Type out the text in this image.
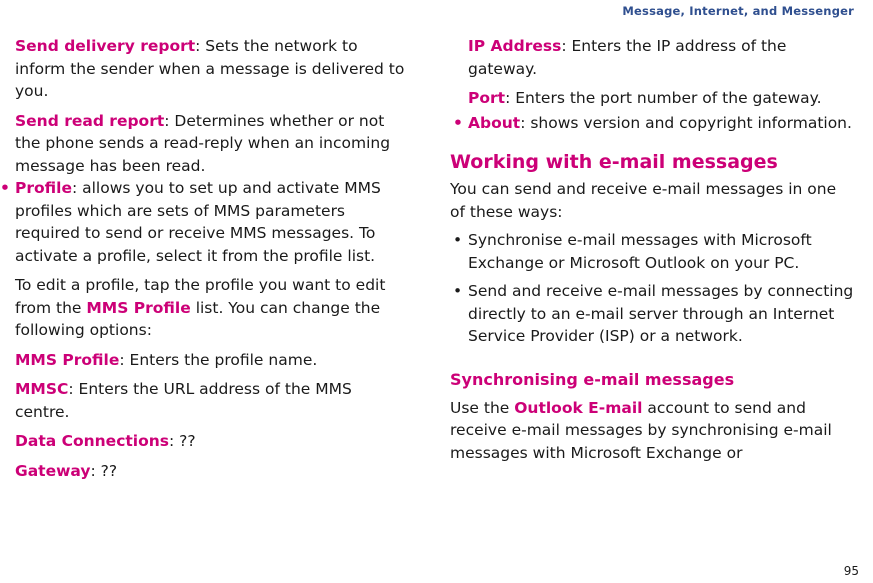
Message, Internet, and Messenger

Send delivery report: Sets the network to inform the sender when a message is delivered to you.

Send read report: Determines whether or not the phone sends a read-reply when an incoming message has been read.

• Profile: allows you to set up and activate MMS profiles which are sets of MMS parameters required to send or receive MMS messages. To activate a profile, select it from the profile list.

To edit a profile, tap the profile you want to edit from the MMS Profile list. You can change the following options:

MMS Profile: Enters the profile name.

MMSC: Enters the URL address of the MMS centre.

Data Connections: ??

Gateway: ??

IP Address: Enters the IP address of the gateway.

Port: Enters the port number of the gateway.

• About: shows version and copyright information.

Working with e-mail messages

You can send and receive e-mail messages in one of these ways:

• Synchronise e-mail messages with Microsoft Exchange or Microsoft Outlook on your PC.

• Send and receive e-mail messages by connecting directly to an e-mail server through an Internet Service Provider (ISP) or a network.

Synchronising e-mail messages

Use the Outlook E-mail account to send and receive e-mail messages by synchronising e-mail messages with Microsoft Exchange or

95
